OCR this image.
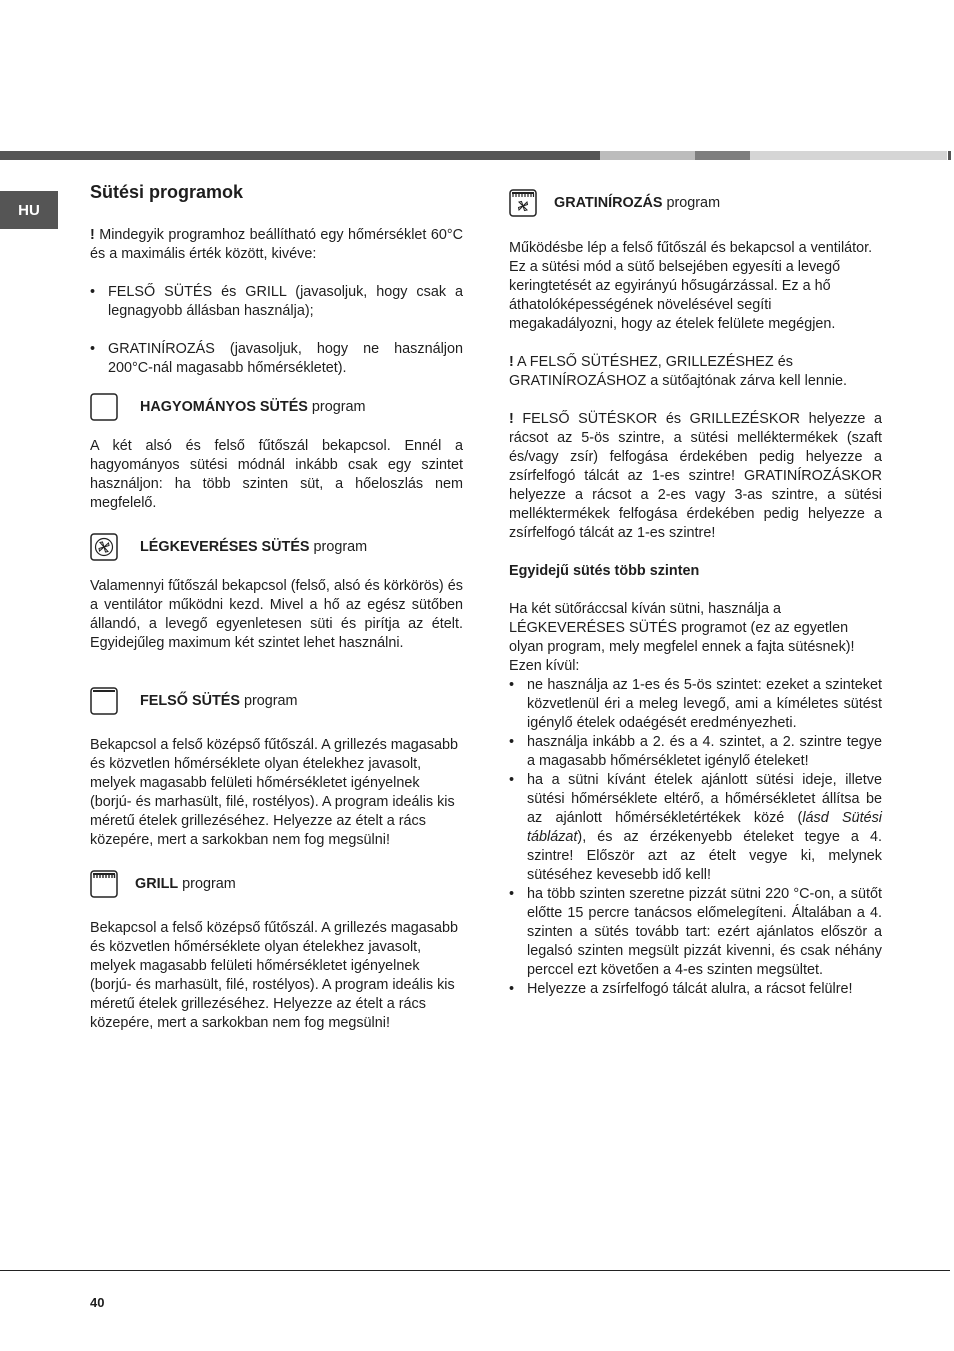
HU
Sütési programok

! Mindegyik programhoz beállítható egy hőmérséklet 60°C és a maximális érték között, kivéve:

• FELSŐ SÜTÉS és GRILL (javasoljuk, hogy csak a legnagyobb állásban használja);
• GRATINÍROZÁS (javasoljuk, hogy ne használjon 200°C-nál magasabb hőmérsékletet).
HAGYOMÁNYOS SÜTÉS program

A két alsó és felső fűtőszál bekapcsol. Ennél a hagyományos sütési módnál inkább csak egy szintet használjon: ha több szinten süt, a hőeloszlás nem megfelelő.

LÉGKEVERÉSES SÜTÉS program

Valamennyi fűtőszál bekapcsol (felső, alsó és körkörös) és a ventilátor működni kezd. Mivel a hő az egész sütőben állandó, a levegő egyenletesen süti és pirítja az ételt. Egyidejűleg maximum két szintet lehet használni.

FELSŐ SÜTÉS program

Bekapcsol a felső középső fűtőszál. A grillezés magasabb és közvetlen hőmérséklete olyan ételekhez javasolt, melyek magasabb felületi hőmérsékletet igényelnek (borjú- és marhasült, filé, rostélyos). A program ideális kis méretű ételek grillezéséhez. Helyezze az ételt a rács közepére, mert a sarkokban nem fog megsülni!

GRILL program

Bekapcsol a felső középső fűtőszál. A grillezés magasabb és közvetlen hőmérséklete olyan ételekhez javasolt, melyek magasabb felületi hőmérsékletet igényelnek (borjú- és marhasült, filé, rostélyos). A program ideális kis méretű ételek grillezéséhez. Helyezze az ételt a rács közepére, mert a sarkokban nem fog megsülni!

GRATINÍROZÁS program

Működésbe lép a felső fűtőszál és bekapcsol a ventilátor. Ez a sütési mód a sütő belsejében egyesíti a levegő keringtetését az egyirányú hősugárzással. Ez a hő áthatolóképességének növelésével segíti megakadályozni, hogy az ételek felülete megégjen.

! A FELSŐ SÜTÉSHEZ, GRILLEZÉSHEZ és GRATINÍROZÁSHOZ a sütőajtónak zárva kell lennie.

! FELSŐ SÜTÉSKOR és GRILLEZÉSKOR helyezze a rácsot az 5-ös szintre, a sütési melléktermékek (szaft és/vagy zsír) felfogása érdekében pedig helyezze a zsírfelfogó tálcát az 1-es szintre! GRATINÍROZÁSKOR helyezze a rácsot a 2-es vagy 3-as szintre, a sütési melléktermékek felfogása érdekében pedig helyezze a zsírfelfogó tálcát az 1-es szintre!

Egyidejű sütés több szinten

Ha két sütőráccsal kíván sütni, használja a LÉGKEVERÉSES SÜTÉS programot (ez az egyetlen olyan program, mely megfelel ennek a fajta sütésnek)! Ezen kívül:

• ne használja az 1-es és 5-ös szintet: ezeket a szinteket közvetlenül éri a meleg levegő, ami a kíméletes sütést igénylő ételek odaégését eredményezheti.
• használja inkább a 2. és a 4. szintet, a 2. szintre tegye a magasabb hőmérsékletet igénylő ételeket!
• ha a sütni kívánt ételek ajánlott sütési ideje, illetve sütési hőmérséklete eltérő, a hőmérsékletet állítsa be az ajánlott hőmérsékletértékek közé (lásd Sütési táblázat), és az érzékenyebb ételeket tegye a 4. szintre! Először azt az ételt vegye ki, melynek sütéséhez kevesebb idő kell!
• ha több szinten szeretne pizzát sütni 220 °C-on, a sütőt előtte 15 percre tanácsos előmelegíteni. Általában a 4. szinten a sütés tovább tart: ezért ajánlatos először a legalsó szinten megsült pizzát kivenni, és csak néhány perccel ezt követően a 4-es szinten megsültet.
• Helyezze a zsírfelfogó tálcát alulra, a rácsot felülre!
40
